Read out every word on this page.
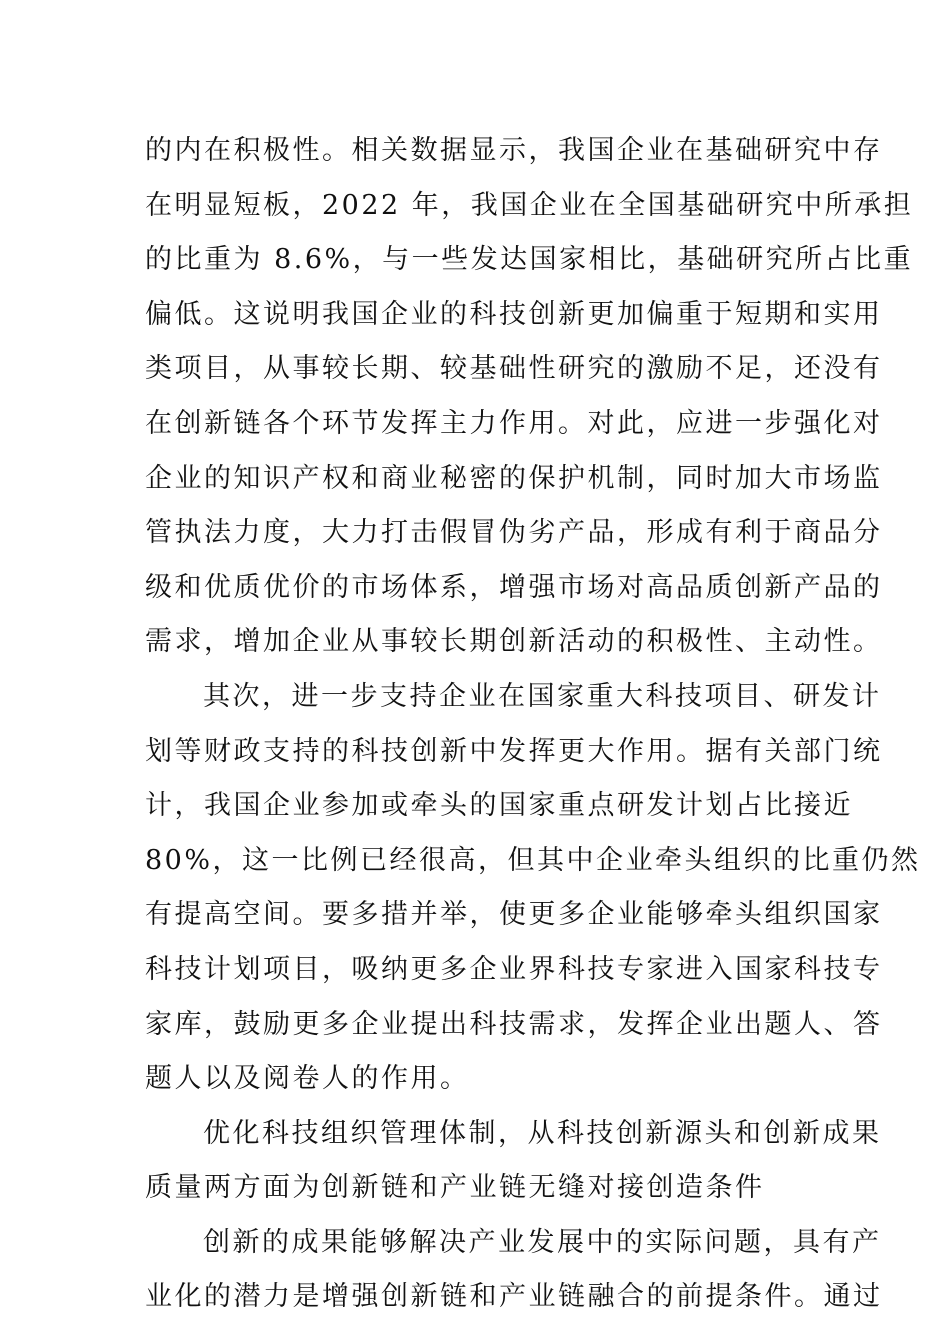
的内在积极性。相关数据显示，我国企业在基础研究中存
在明显短板，2022 年，我国企业在全国基础研究中所承担
的比重为 8.6%，与一些发达国家相比，基础研究所占比重
偏低。这说明我国企业的科技创新更加偏重于短期和实用
类项目，从事较长期、较基础性研究的激励不足，还没有
在创新链各个环节发挥主力作用。对此，应进一步强化对
企业的知识产权和商业秘密的保护机制，同时加大市场监
管执法力度，大力打击假冒伪劣产品，形成有利于商品分
级和优质优价的市场体系，增强市场对高品质创新产品的
需求，增加企业从事较长期创新活动的积极性、主动性。
其次，进一步支持企业在国家重大科技项目、研发计
划等财政支持的科技创新中发挥更大作用。据有关部门统
计，我国企业参加或牵头的国家重点研发计划占比接近
80%，这一比例已经很高，但其中企业牵头组织的比重仍然
有提高空间。要多措并举，使更多企业能够牵头组织国家
科技计划项目，吸纳更多企业界科技专家进入国家科技专
家库，鼓励更多企业提出科技需求，发挥企业出题人、答
题人以及阅卷人的作用。
优化科技组织管理体制，从科技创新源头和创新成果
质量两方面为创新链和产业链无缝对接创造条件
创新的成果能够解决产业发展中的实际问题，具有产
业化的潜力是增强创新链和产业链融合的前提条件。通过
